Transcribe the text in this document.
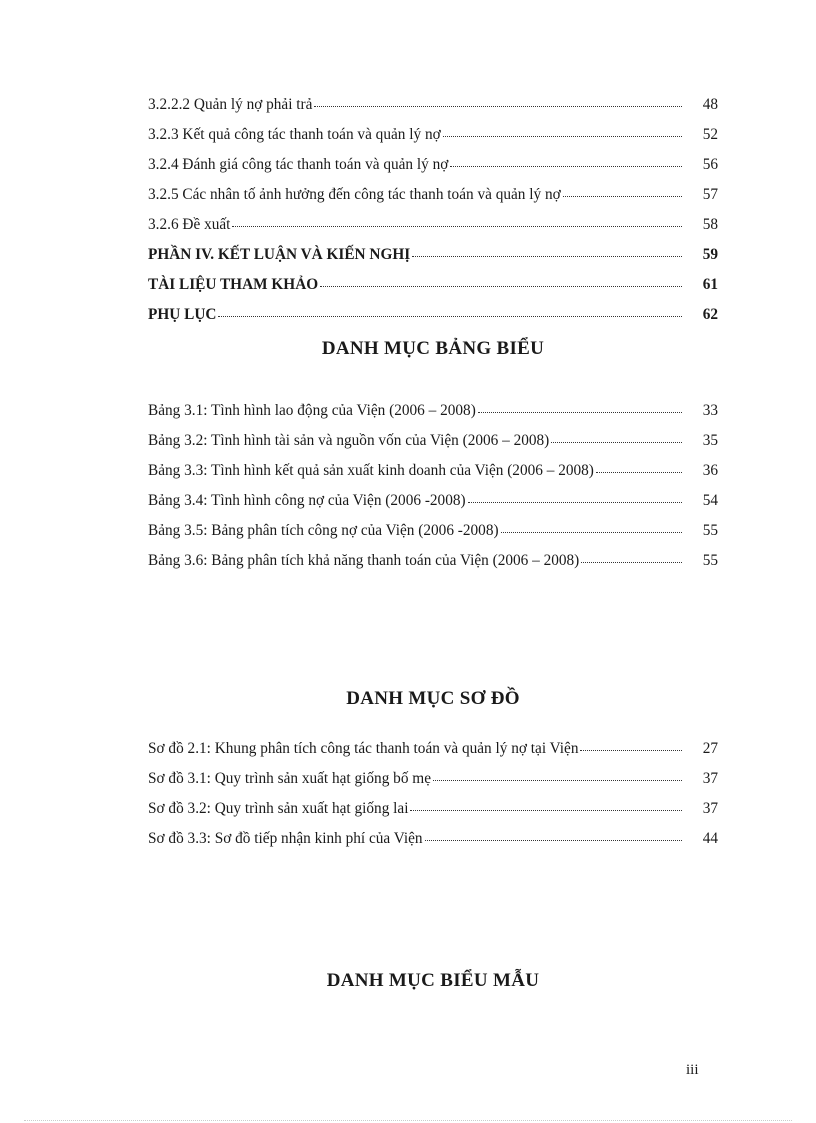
3.2.2.2 Quản lý nợ phải trả	48
3.2.3 Kết quả công tác thanh toán và quản lý nợ	52
3.2.4 Đánh giá công tác thanh toán và quản lý nợ	56
3.2.5 Các nhân tố ảnh hưởng đến công tác thanh toán và quản lý nợ	57
3.2.6 Đề xuất	58
PHẦN IV. KẾT LUẬN VÀ KIẾN NGHỊ	59
TÀI LIỆU THAM KHẢO	61
PHỤ LỤC	62
DANH MỤC BẢNG BIỂU
Bảng 3.1: Tình hình lao động của Viện (2006 – 2008)	33
Bảng 3.2: Tình hình tài sản và nguồn vốn của Viện (2006 – 2008)	35
Bảng 3.3: Tình hình kết quả sản xuất kinh doanh của Viện (2006 – 2008)	36
Bảng 3.4: Tình hình công nợ của Viện (2006 -2008)	54
Bảng 3.5: Bảng phân tích công nợ của Viện (2006 -2008)	55
Bảng 3.6: Bảng phân tích khả năng thanh toán của Viện (2006 – 2008)	55
DANH MỤC SƠ ĐỒ
Sơ đồ 2.1: Khung phân tích công tác thanh toán và quản lý nợ tại Viện	27
Sơ đồ 3.1: Quy trình sản xuất hạt giống bố mẹ	37
Sơ đồ 3.2: Quy trình sản xuất hạt giống lai	37
Sơ đồ 3.3: Sơ đồ tiếp nhận kinh phí của Viện	44
DANH MỤC BIỂU MẪU
iii
